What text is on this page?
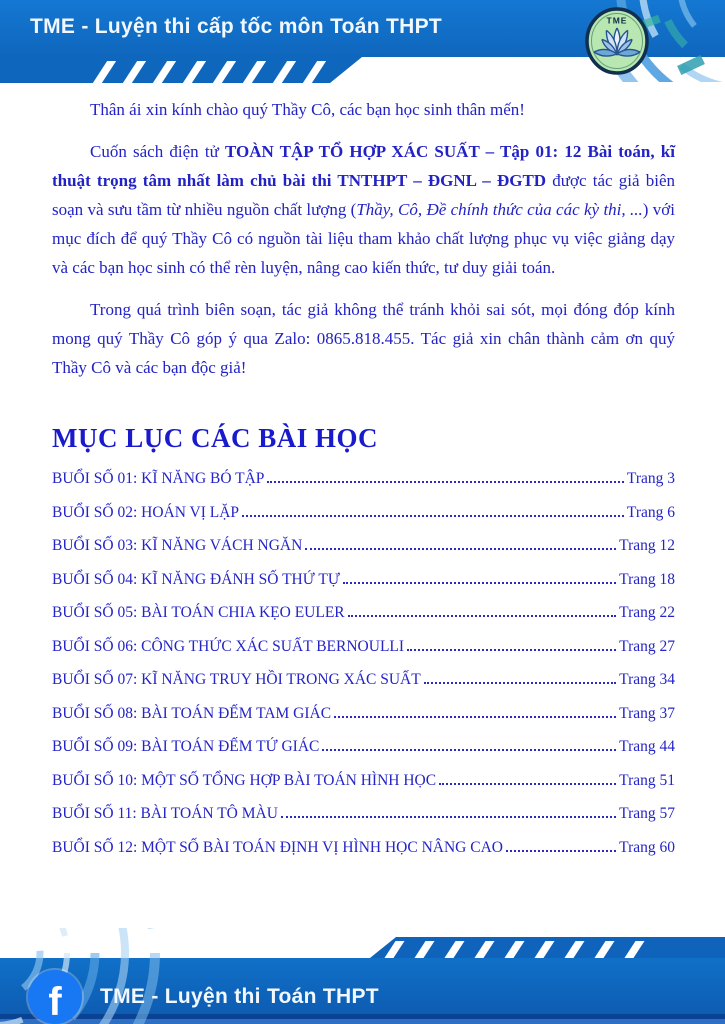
TME - Luyện thi cấp tốc môn Toán THPT	TME

Thân ái xin kính chào quý Thầy Cô, các bạn học sinh thân mến!

Cuốn sách điện tử TOÀN TẬP TỔ HỢP XÁC SUẤT – Tập 01: 12 Bài toán, kĩ thuật trọng tâm nhất làm chủ bài thi TNTHPT – ĐGNL – ĐGTD được tác giả biên soạn và sưu tầm từ nhiều nguồn chất lượng (Thầy, Cô, Đề chính thức của các kỳ thi, ...) với mục đích để quý Thầy Cô có nguồn tài liệu tham khảo chất lượng phục vụ việc giảng dạy và các bạn học sinh có thể rèn luyện, nâng cao kiến thức, tư duy giải toán.

Trong quá trình biên soạn, tác giả không thể tránh khỏi sai sót, mọi đóng đóp kính mong quý Thầy Cô góp ý qua Zalo: 0865.818.455. Tác giả xin chân thành cảm ơn quý Thầy Cô và các bạn độc giả!

MỤC LỤC CÁC BÀI HỌC
BUỔI SỐ 01: KĨ NĂNG BÓ TẬP	Trang 3
BUỔI SỐ 02: HOÁN VỊ LẶP	Trang 6
BUỔI SỐ 03: KĨ NĂNG VÁCH NGĂN	Trang 12
BUỔI SỐ 04: KĨ NĂNG ĐÁNH SỐ THỨ TỰ	Trang 18
BUỔI SỐ 05: BÀI TOÁN CHIA KẸO EULER	Trang 22
BUỔI SỐ 06: CÔNG THỨC XÁC SUẤT BERNOULLI	Trang 27
BUỔI SỐ 07: KĨ NĂNG TRUY HỒI TRONG XÁC SUẤT	Trang 34
BUỔI SỐ 08: BÀI TOÁN ĐẾM TAM GIÁC	Trang 37
BUỔI SỐ 09: BÀI TOÁN ĐẾM TỨ GIÁC	Trang 44
BUỔI SỐ 10: MỘT SỐ TỔNG HỢP BÀI TOÁN HÌNH HỌC	Trang 51
BUỔI SỐ 11: BÀI TOÁN TÔ MÀU	Trang 57
BUỔI SỐ 12: MỘT SỐ BÀI TOÁN ĐỊNH VỊ HÌNH HỌC NÂNG CAO	Trang 60
f TME - Luyện thi Toán THPT
